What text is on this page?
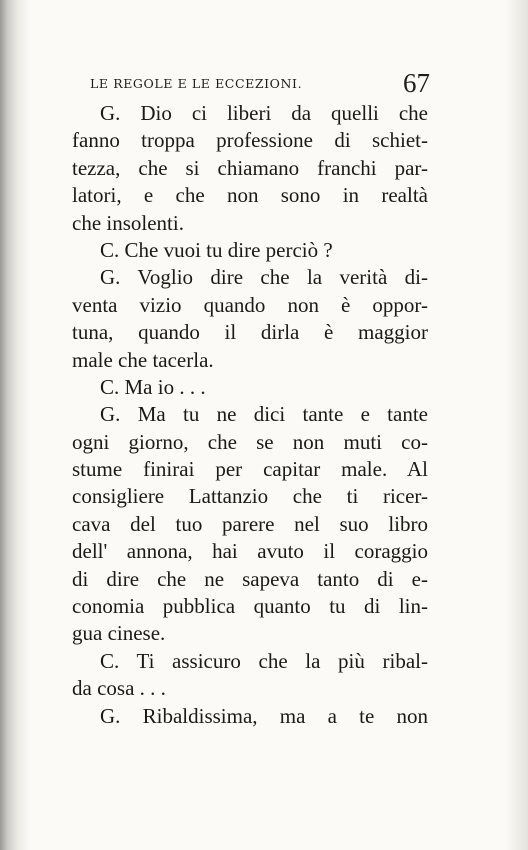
LE REGOLE E LE ECCEZIONI.	67
G. Dio ci liberi da quelli che
fanno troppa professione di schiet-
tezza, che si chiamano franchi par-
latori, e che non sono in realtà
che insolenti.
C. Che vuoi tu dire perciò ?
G. Voglio dire che la verità di-
venta vizio quando non è oppor-
tuna, quando il dirla è maggior
male che tacerla.
C. Ma io . . .
G. Ma tu ne dici tante e tante
ogni giorno, che se non muti co-
stume finirai per capitar male. Al
consigliere Lattanzio che ti ricer-
cava del tuo parere nel suo libro
dell' annona, hai avuto il coraggio
di dire che ne sapeva tanto di e-
conomia pubblica quanto tu di lin-
gua cinese.
C. Ti assicuro che la più ribal-
da cosa . . .
G. Ribaldissima, ma a te non
